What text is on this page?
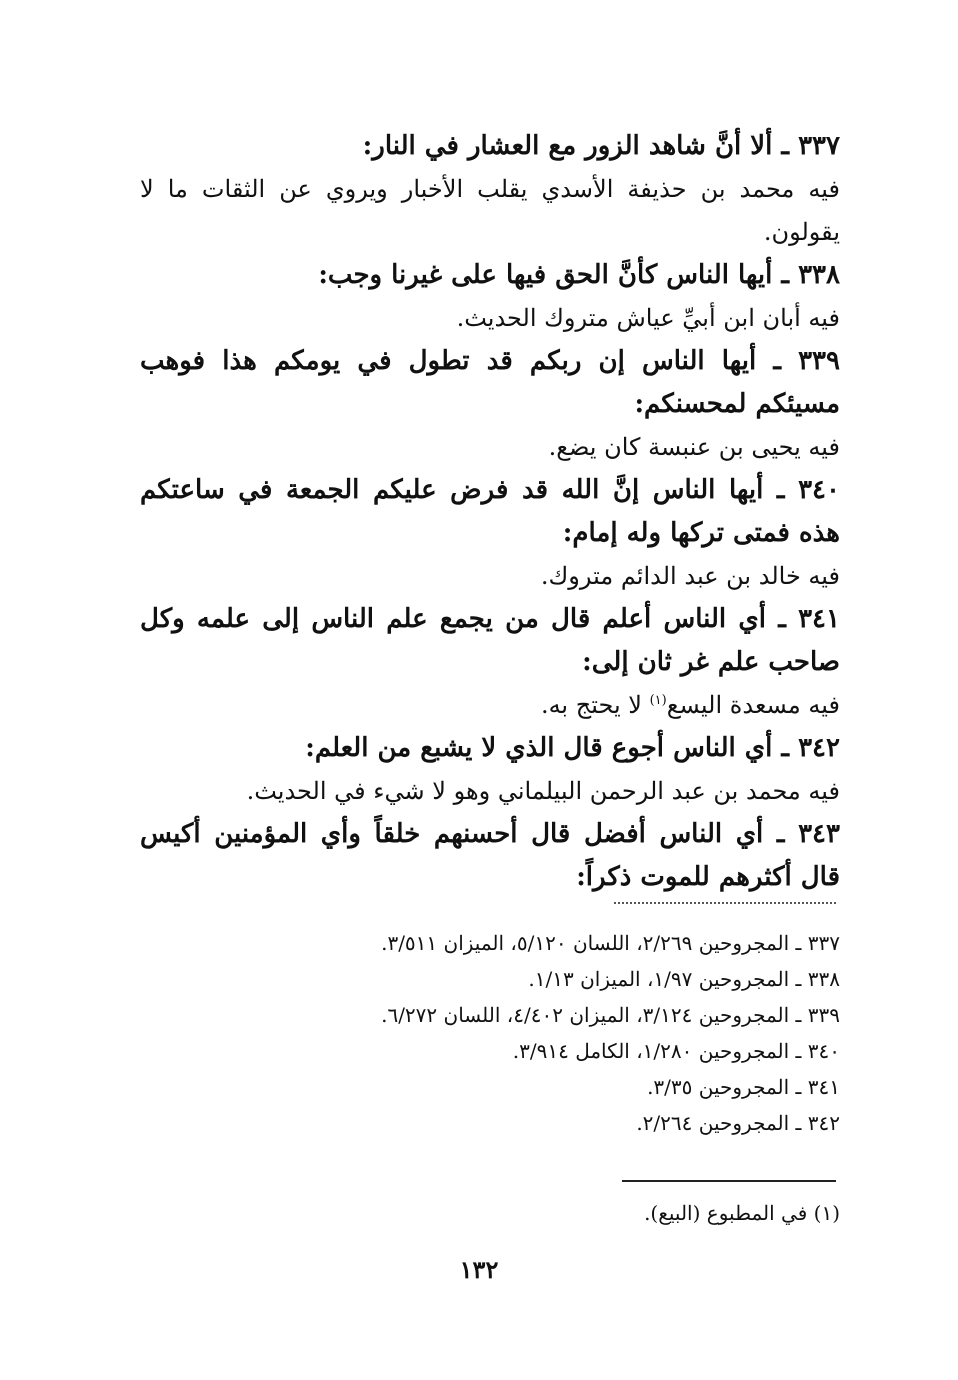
٣٣٧ ـ ألا أنَّ شاهد الزور مع العشار في النار:
فيه محمد بن حذيفة الأسدي يقلب الأخبار ويروي عن الثقات ما لا يقولون.
٣٣٨ ـ أيها الناس كأنَّ الحق فيها على غيرنا وجب:
فيه أبان ابن أبيِّ عياش متروك الحديث.
٣٣٩ ـ أيها الناس إن ربكم قد تطول في يومكم هذا فوهب مسيئكم لمحسنكم:
فيه يحيى بن عنبسة كان يضع.
٣٤٠ ـ أيها الناس إنَّ الله قد فرض عليكم الجمعة في ساعتكم هذه فمتى تركها وله إمام:
فيه خالد بن عبد الدائم متروك.
٣٤١ ـ أي الناس أعلم قال من يجمع علم الناس إلى علمه وكل صاحب علم غر ثان إلى:
فيه مسعدة اليسع$^{(١)}$ لا يحتج به.
٣٤٢ ـ أي الناس أجوع قال الذي لا يشبع من العلم:
فيه محمد بن عبد الرحمن البيلماني وهو لا شيء في الحديث.
٣٤٣ ـ أي الناس أفضل قال أحسنهم خلقاً وأي المؤمنين أكيس قال أكثرهم للموت ذكراً:
٣٣٧ ـ المجروحين ٢/٢٦٩، اللسان ٥/١٢٠، الميزان ٣/٥١١.
٣٣٨ ـ المجروحين ١/٩٧، الميزان ١/١٣.
٣٣٩ ـ المجروحين ٣/١٢٤، الميزان ٤/٤٠٢، اللسان ٦/٢٧٢.
٣٤٠ ـ المجروحين ١/٢٨٠، الكامل ٣/٩١٤.
٣٤١ ـ المجروحين ٣/٣٥.
٣٤٢ ـ المجروحين ٢/٢٦٤.
(١) في المطبوع (البيع).
١٣٢
